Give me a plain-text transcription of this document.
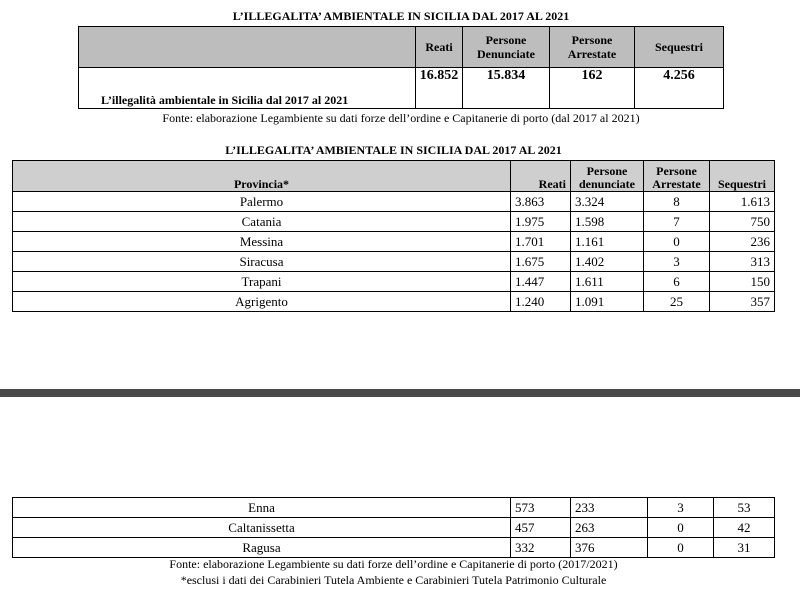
L’ILLEGALITA’ AMBIENTALE IN SICILIA DAL 2017 AL 2021
	Reati	Persone Denunciate	Persone Arrestate	Sequestri
L’illegalità ambientale in Sicilia dal 2017 al 2021	16.852	15.834	162	4.256
Fonte: elaborazione Legambiente su dati forze dell’ordine e Capitanerie di porto (dal 2017 al 2021)
L’ILLEGALITA’ AMBIENTALE IN SICILIA DAL 2017 AL 2021
Provincia*	Reati	Persone denunciate	Persone Arrestate	Sequestri
Palermo	3.863	3.324	8	1.613
Catania	1.975	1.598	7	750
Messina	1.701	1.161	0	236
Siracusa	1.675	1.402	3	313
Trapani	1.447	1.611	6	150
Agrigento	1.240	1.091	25	357
Enna	573	233	3	53
Caltanissetta	457	263	0	42
Ragusa	332	376	0	31
Fonte: elaborazione Legambiente su dati forze dell’ordine e Capitanerie di porto (2017/2021)
*esclusi i dati dei Carabinieri Tutela Ambiente e Carabinieri Tutela Patrimonio Culturale
